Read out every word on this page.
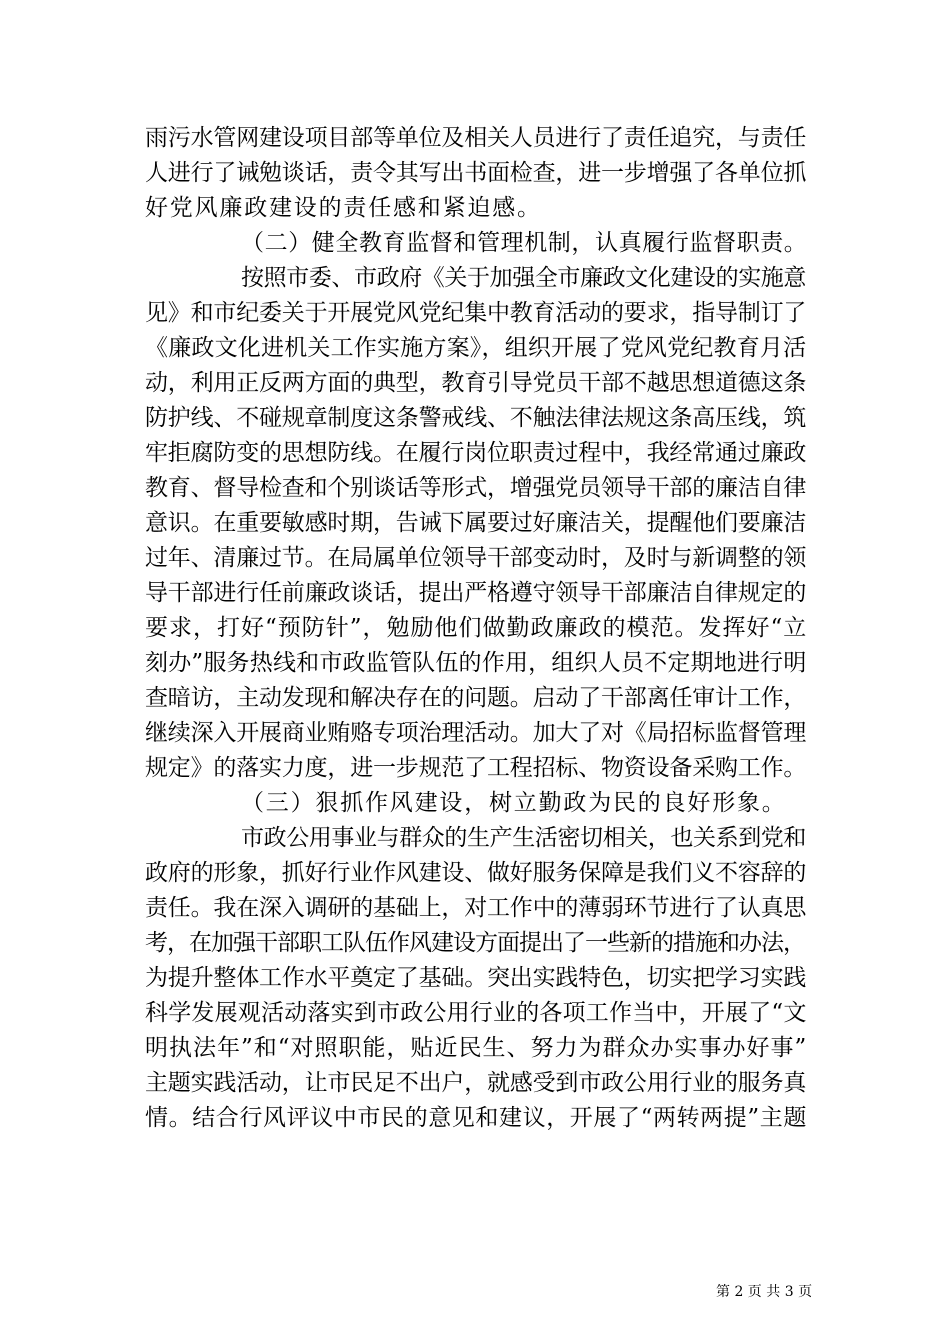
雨污水管网建设项目部等单位及相关人员进行了责任追究，与责任
人进行了诫勉谈话，责令其写出书面检查，进一步增强了各单位抓
好党风廉政建设的责任感和紧迫感。
（二）健全教育监督和管理机制，认真履行监督职责。
按照市委、市政府《关于加强全市廉政文化建设的实施意
见》和市纪委关于开展党风党纪集中教育活动的要求，指导制订了
《廉政文化进机关工作实施方案》，组织开展了党风党纪教育月活
动，利用正反两方面的典型，教育引导党员干部不越思想道德这条
防护线、不碰规章制度这条警戒线、不触法律法规这条高压线，筑
牢拒腐防变的思想防线。在履行岗位职责过程中，我经常通过廉政
教育、督导检查和个别谈话等形式，增强党员领导干部的廉洁自律
意识。在重要敏感时期，告诫下属要过好廉洁关，提醒他们要廉洁
过年、清廉过节。在局属单位领导干部变动时，及时与新调整的领
导干部进行任前廉政谈话，提出严格遵守领导干部廉洁自律规定的
要求，打好“预防针”，勉励他们做勤政廉政的模范。发挥好“立
刻办”服务热线和市政监管队伍的作用，组织人员不定期地进行明
查暗访，主动发现和解决存在的问题。启动了干部离任审计工作，
继续深入开展商业贿赂专项治理活动。加大了对《局招标监督管理
规定》的落实力度，进一步规范了工程招标、物资设备采购工作。
（三）狠抓作风建设，树立勤政为民的良好形象。
市政公用事业与群众的生产生活密切相关，也关系到党和
政府的形象，抓好行业作风建设、做好服务保障是我们义不容辞的
责任。我在深入调研的基础上，对工作中的薄弱环节进行了认真思
考，在加强干部职工队伍作风建设方面提出了一些新的措施和办法，
为提升整体工作水平奠定了基础。突出实践特色，切实把学习实践
科学发展观活动落实到市政公用行业的各项工作当中，开展了“文
明执法年”和“对照职能，贴近民生、努力为群众办实事办好事”
主题实践活动，让市民足不出户，就感受到市政公用行业的服务真
情。结合行风评议中市民的意见和建议，开展了“两转两提”主题
第 2 页 共 3 页
